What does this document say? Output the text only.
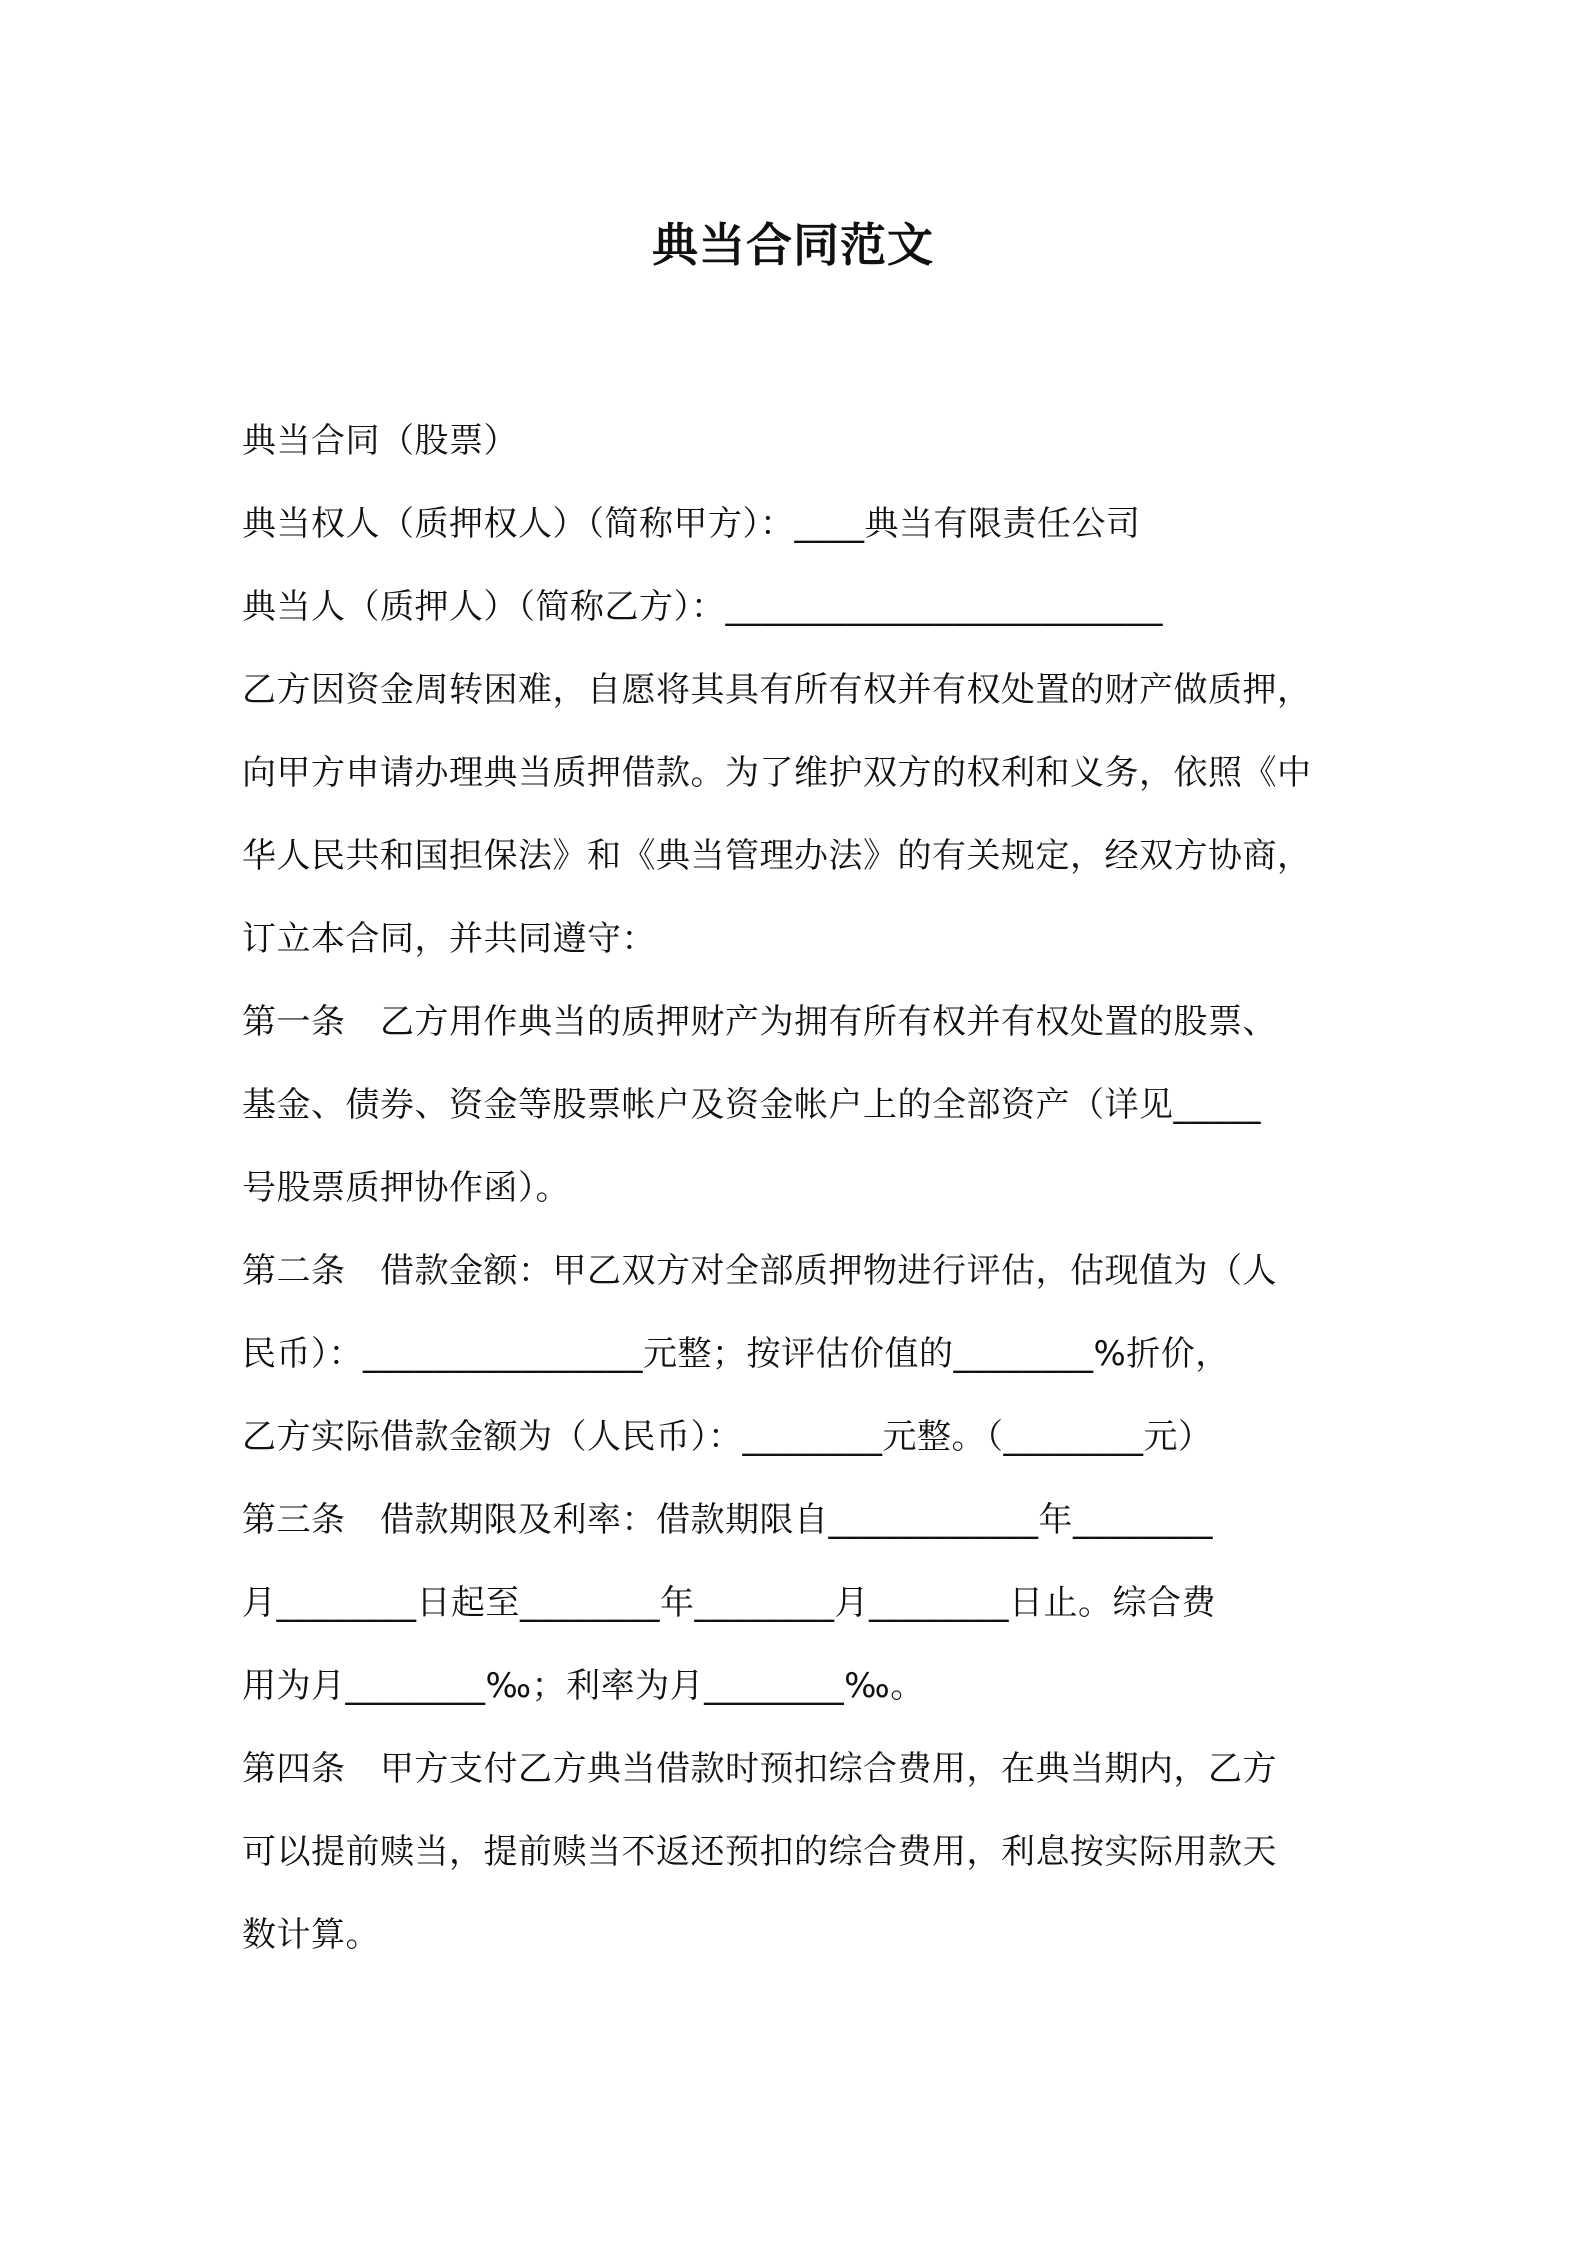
典当合同范文
典当合同（股票）
典当权人（质押权人）（简称甲方）：____典当有限责任公司
典当人（质押人）（简称乙方）：_________________________
乙方因资金周转困难，自愿将其具有所有权并有权处置的财产做质押，
向甲方申请办理典当质押借款。为了维护双方的权利和义务，依照《中
华人民共和国担保法》和《典当管理办法》的有关规定，经双方协商，
订立本合同，并共同遵守：
第一条　乙方用作典当的质押财产为拥有所有权并有权处置的股票、
基金、债券、资金等股票帐户及资金帐户上的全部资产（详见_____
号股票质押协作函）。
第二条　借款金额：甲乙双方对全部质押物进行评估，估现值为（人
民币）：________________元整；按评估价值的________%折价，
乙方实际借款金额为（人民币）：________元整。（________元）
第三条　借款期限及利率：借款期限自____________年________
月________日起至________年________月________日止。综合费
用为月________‰；利率为月________‰。
第四条　甲方支付乙方典当借款时预扣综合费用，在典当期内，乙方
可以提前赎当，提前赎当不返还预扣的综合费用，利息按实际用款天
数计算。
